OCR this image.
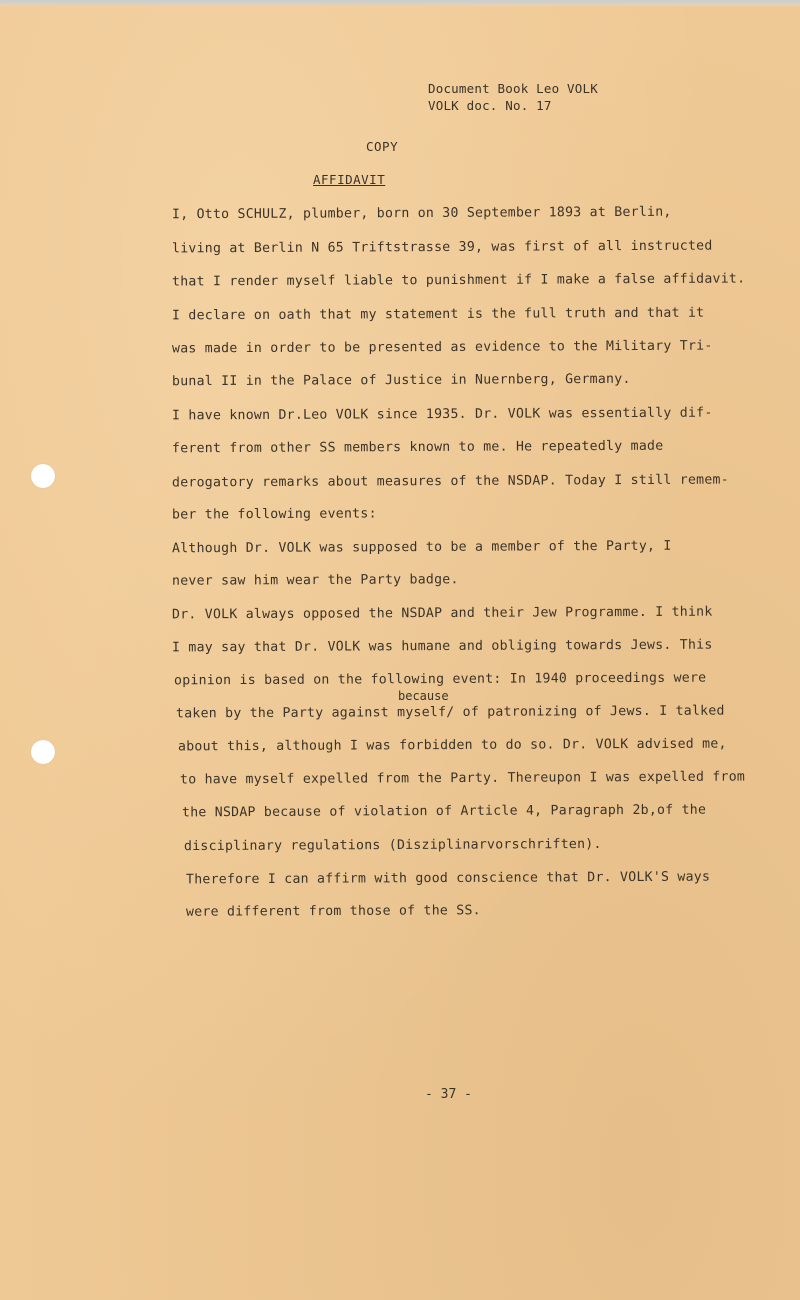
Document Book Leo VOLK
VOLK doc. No. 17
COPY
AFFIDAVIT
I, Otto SCHULZ, plumber, born on 30 September 1893 at Berlin,
living at Berlin N 65 Triftstrasse 39, was first of all instructed
that I render myself liable to punishment if I make a false affidavit.
I declare on oath that my statement is the full truth and that it
was made in order to be presented as evidence to the Military Tri-
bunal II in the Palace of Justice in Nuernberg, Germany.
I have known Dr.Leo VOLK since 1935. Dr. VOLK was essentially dif-
ferent from other SS members known to me. He repeatedly made
derogatory remarks about measures of the NSDAP. Today I still remem-
ber the following events:
Although Dr. VOLK was supposed to be a member of the Party, I
never saw him wear the Party badge.
Dr. VOLK always opposed the NSDAP and their Jew Programme. I think
I may say that Dr. VOLK was humane and obliging towards Jews. This
opinion is based on the following event: In 1940 proceedings were
taken by the Party against myself/ of patronizing of Jews. I talked
about this, although I was forbidden to do so. Dr. VOLK advised me,
to have myself expelled from the Party. Thereupon I was expelled from
the NSDAP because of violation of Article 4, Paragraph 2b,of the
disciplinary regulations (Disziplinarvorschriften).
Therefore I can affirm with good conscience that Dr. VOLK'S ways
were different from those of the SS.
because
- 37 -
